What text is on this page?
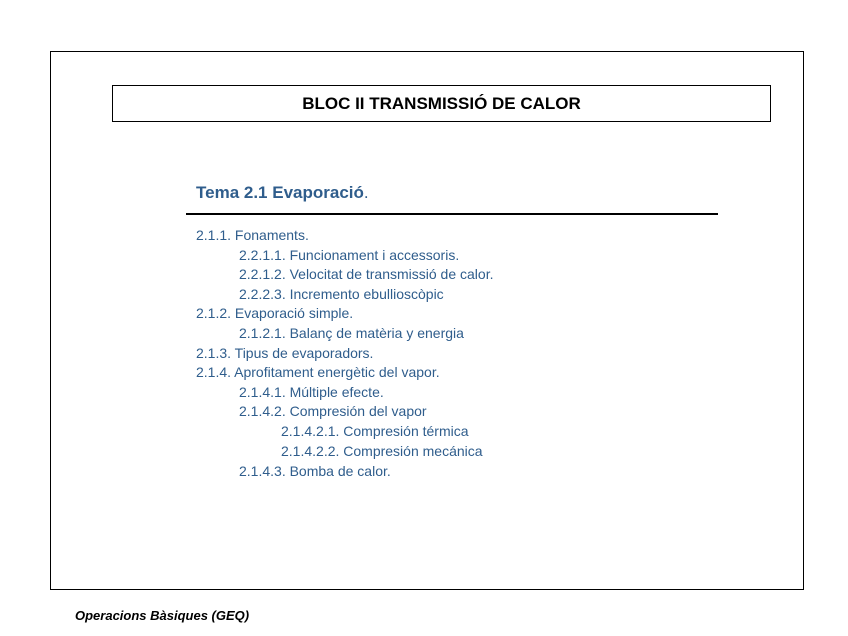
BLOC II TRANSMISSIÓ DE CALOR
Tema 2.1 Evaporació.
2.1.1. Fonaments.
2.2.1.1. Funcionament i accessoris.
2.2.1.2. Velocitat de transmissió de calor.
2.2.2.3. Incremento ebullioscòpic
2.1.2. Evaporació simple.
2.1.2.1. Balanç de matèria y energia
2.1.3. Tipus de evaporadors.
2.1.4. Aprofitament energètic del vapor.
2.1.4.1. Múltiple efecte.
2.1.4.2. Compresión del vapor
2.1.4.2.1. Compresión térmica
2.1.4.2.2. Compresión mecánica
2.1.4.3. Bomba de calor.
Operacions Bàsiques (GEQ)
